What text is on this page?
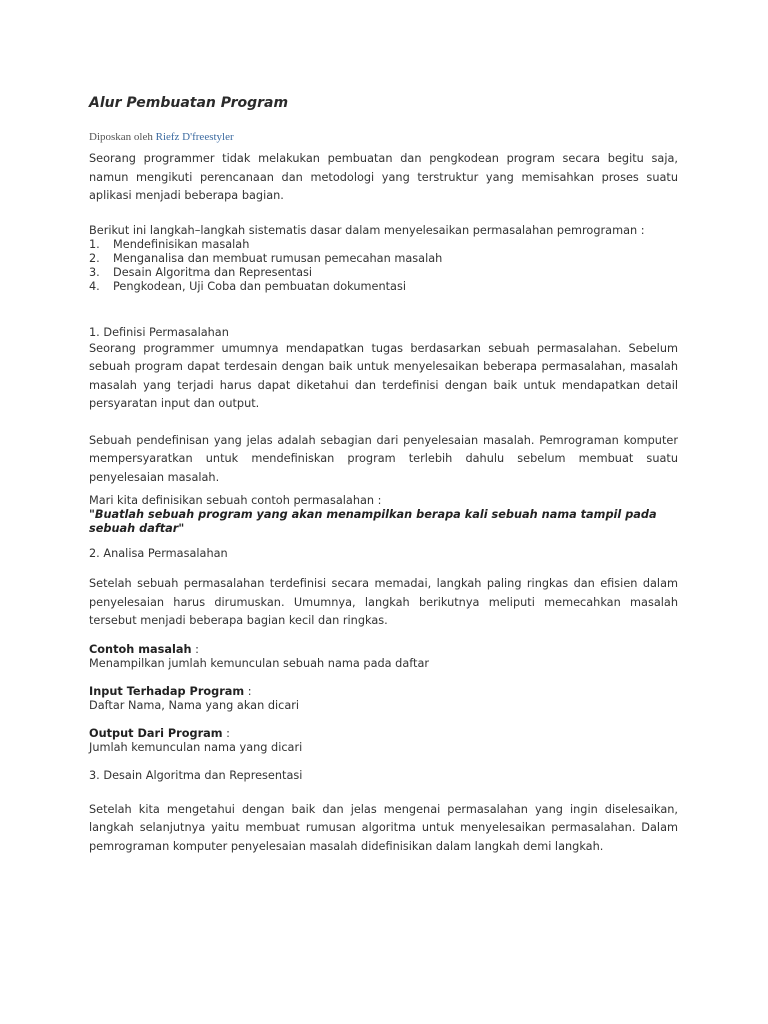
Alur Pembuatan Program
Diposkan oleh Riefz D'freestyler

Seorang programmer tidak melakukan pembuatan dan pengkodean program secara begitu saja, namun mengikuti perencanaan dan metodologi yang terstruktur yang memisahkan proses suatu aplikasi menjadi beberapa bagian.

Berikut ini langkah–langkah sistematis dasar dalam menyelesaikan permasalahan pemrograman :

1.	Mendefinisikan masalah
2.	Menganalisa dan membuat rumusan pemecahan masalah
3.	Desain Algoritma dan Representasi
4.	Pengkodean, Uji Coba dan pembuatan dokumentasi

1. Definisi Permasalahan

Seorang programmer umumnya mendapatkan tugas berdasarkan sebuah permasalahan. Sebelum sebuah program dapat terdesain dengan baik untuk menyelesaikan beberapa permasalahan, masalah masalah yang terjadi harus dapat diketahui dan terdefinisi dengan baik untuk mendapatkan detail persyaratan input dan output.

Sebuah pendefinisan yang jelas adalah sebagian dari penyelesaian masalah. Pemrograman komputer mempersyaratkan untuk mendefiniskan program terlebih dahulu sebelum membuat suatu penyelesaian masalah.

Mari kita definisikan sebuah contoh permasalahan :

"Buatlah sebuah program yang akan menampilkan berapa kali sebuah nama tampil pada sebuah daftar"

2. Analisa Permasalahan

Setelah sebuah permasalahan terdefinisi secara memadai, langkah paling ringkas dan efisien dalam penyelesaian harus dirumuskan. Umumnya, langkah berikutnya meliputi memecahkan masalah tersebut menjadi beberapa bagian kecil dan ringkas.

Contoh masalah :

Menampilkan jumlah kemunculan sebuah nama pada daftar

Input Terhadap Program :

Daftar Nama, Nama yang akan dicari

Output Dari Program :

Jumlah kemunculan nama yang dicari

3. Desain Algoritma dan Representasi

Setelah kita mengetahui dengan baik dan jelas mengenai permasalahan yang ingin diselesaikan, langkah selanjutnya yaitu membuat rumusan algoritma untuk menyelesaikan permasalahan. Dalam pemrograman komputer penyelesaian masalah didefinisikan dalam langkah demi langkah.
